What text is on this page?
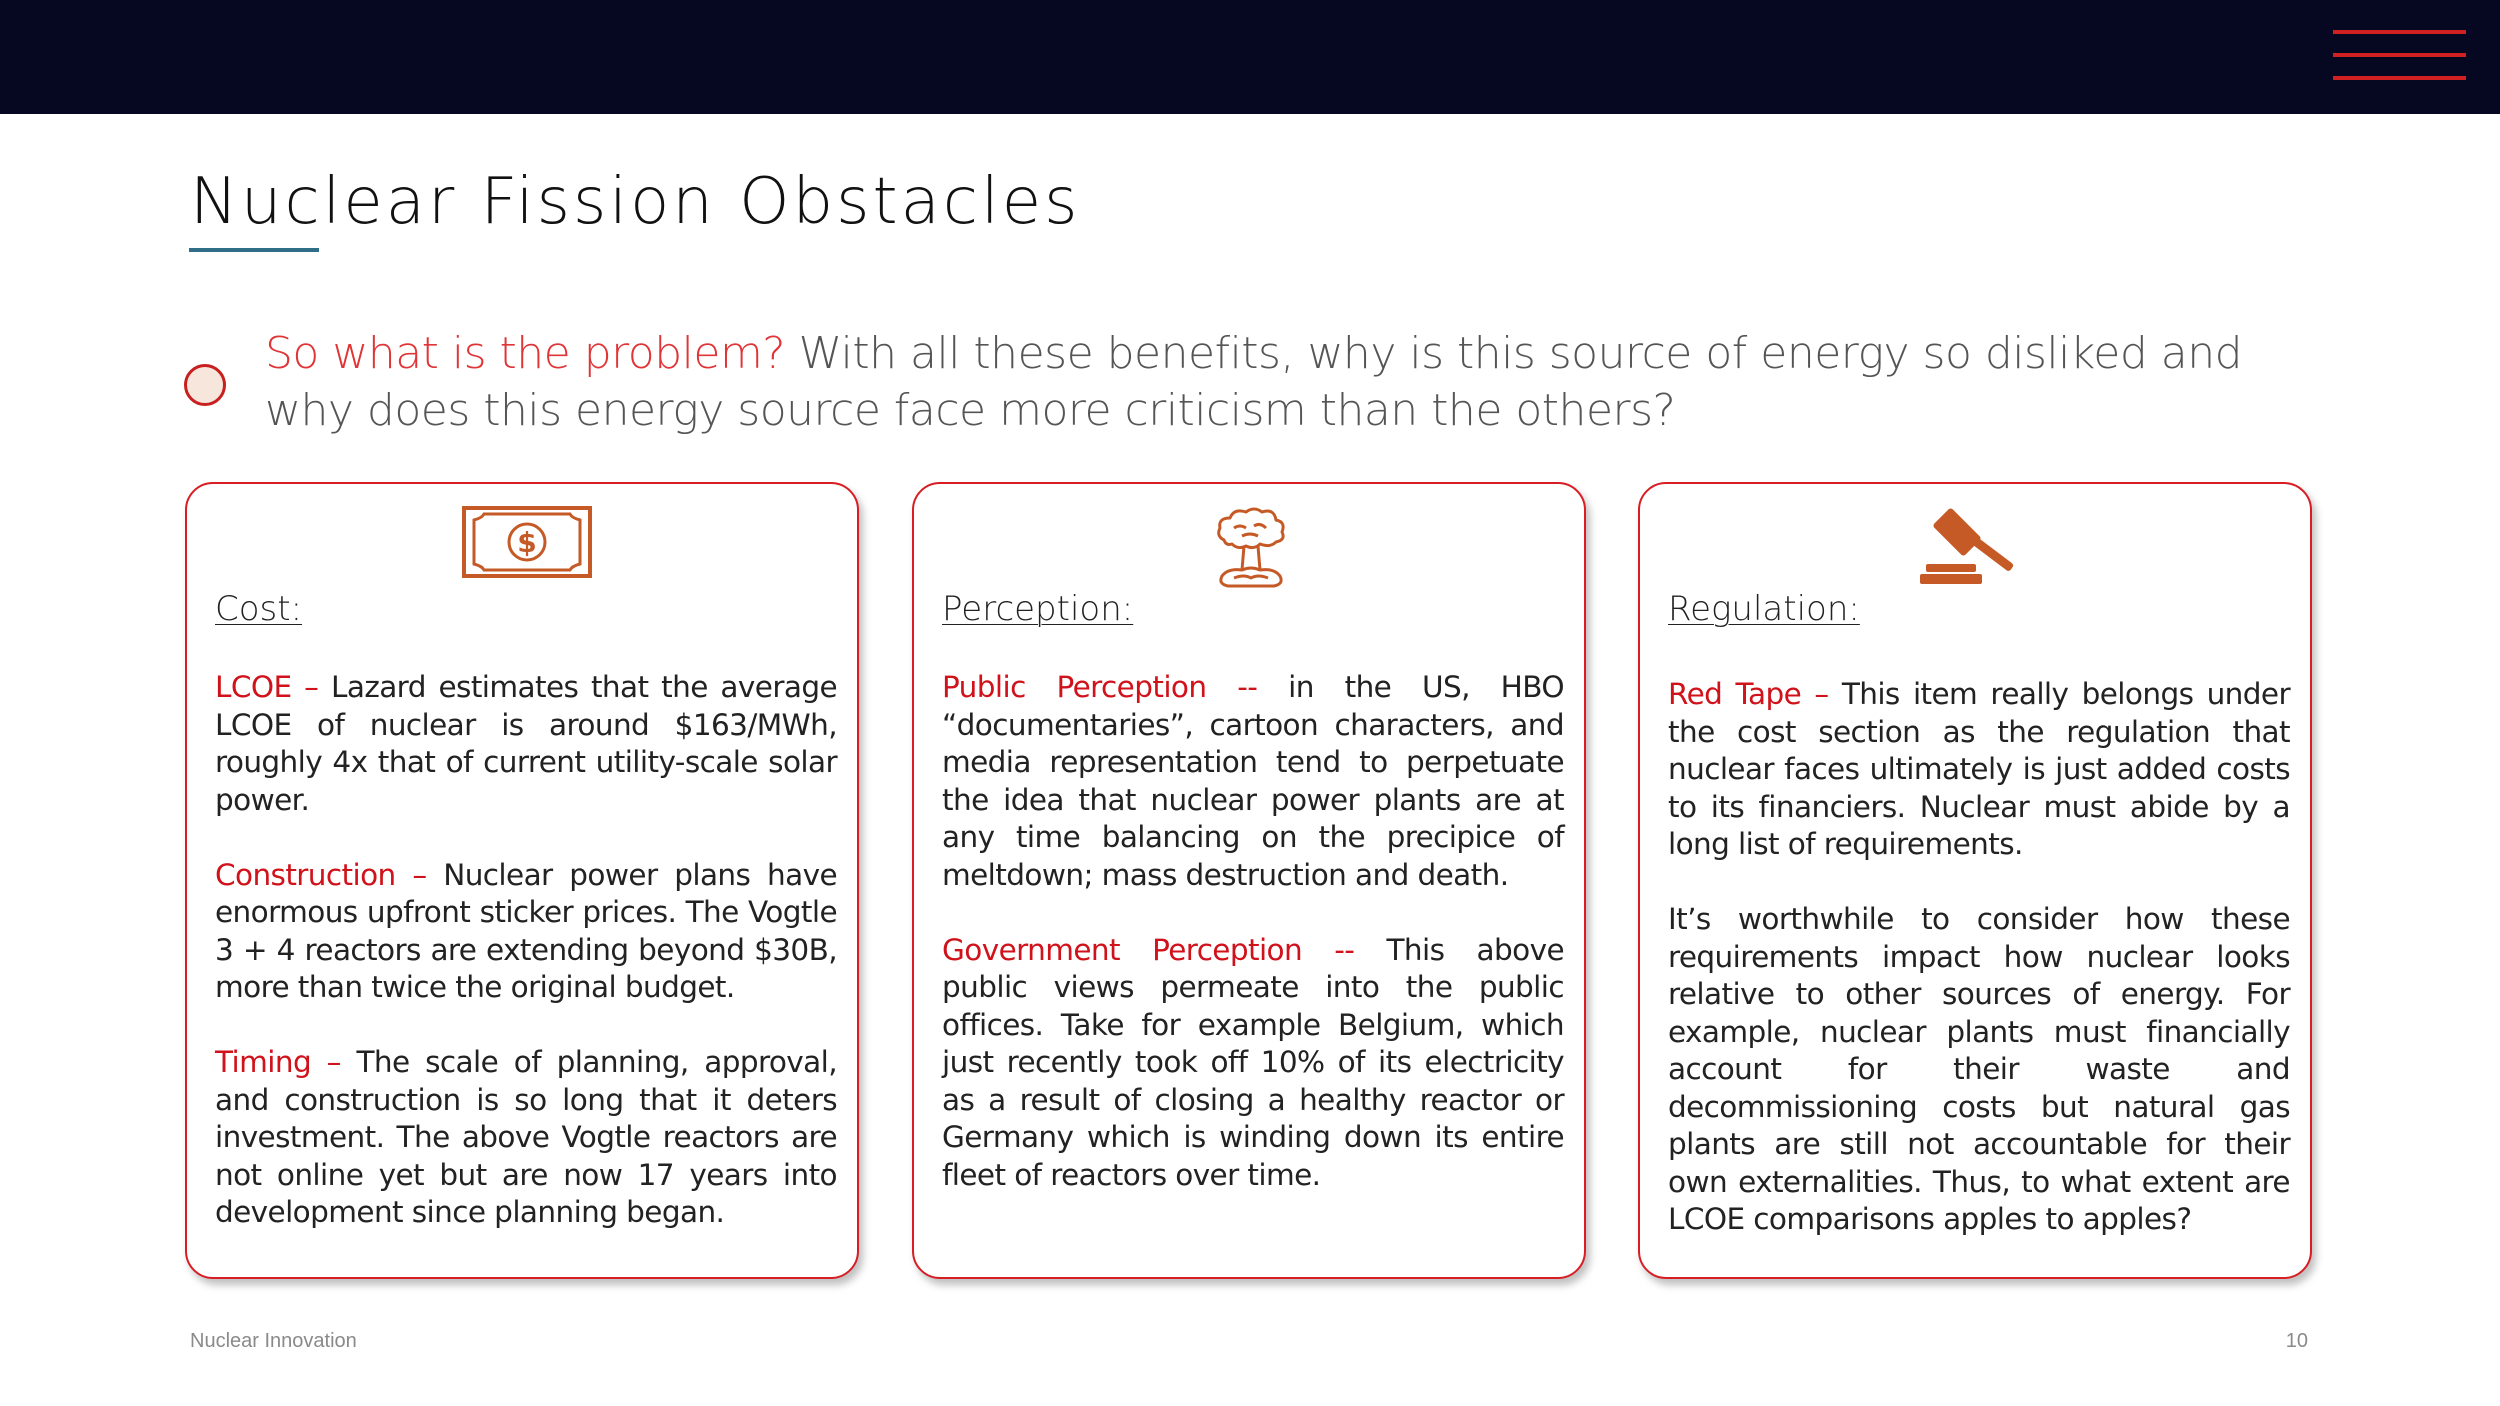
Nuclear Fission Obstacles
So what is the problem? With all these benefits, why is this source of energy so disliked and why does this energy source face more criticism than the others?
$
Cost:

LCOE – Lazard estimates that the average LCOE of nuclear is around $163/MWh, roughly 4x that of current utility-scale solar power.

Construction – Nuclear power plans have enormous upfront sticker prices. The Vogtle 3 + 4 reactors are extending beyond $30B, more than twice the original budget.

Timing – The scale of planning, approval, and construction is so long that it deters investment. The above Vogtle reactors are not online yet but are now 17 years into development since planning began.

Perception:

Public Perception -- in the US, HBO “documentaries”, cartoon characters, and media representation tend to perpetuate the idea that nuclear power plants are at any time balancing on the precipice of meltdown; mass destruction and death.

Government Perception -- This above public views permeate into the public offices. Take for example Belgium, which just recently took off 10% of its electricity as a result of closing a healthy reactor or Germany which is winding down its entire fleet of reactors over time.

Regulation:

Red Tape – This item really belongs under the cost section as the regulation that nuclear faces ultimately is just added costs to its financiers. Nuclear must abide by a long list of requirements.

It’s worthwhile to consider how these requirements impact how nuclear looks relative to other sources of energy. For example, nuclear plants must financially account for their waste and decommissioning costs but natural gas plants are still not accountable for their own externalities. Thus, to what extent are LCOE comparisons apples to apples?

Nuclear Innovation	10
